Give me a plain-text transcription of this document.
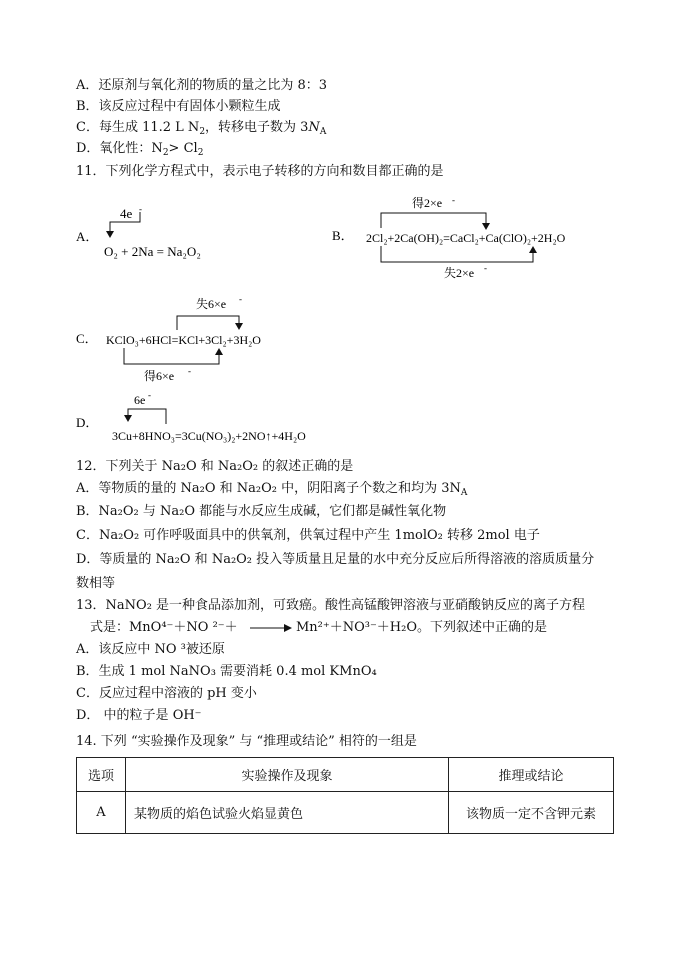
A．还原剂与氧化剂的物质的量之比为 8：3
B．该反应过程中有固体小颗粒生成
C．每生成 11.2 L $N_2$，转移电子数为 $3N_A$
D．氧化性：$N_2> Cl_2$
11．下列化学方程式中，表示电子转移的方向和数目都正确的是
A．
4e -
O₂ + 2Na = Na₂O₂
B．
得2×e -
2Cl₂+2Ca(OH)₂=CaCl₂+Ca(ClO)₂+2H₂O
失2×e -
C．
失6×e -
KClO₃+6HCl=KCl+3Cl₂+3H₂O
得6×e -
D．
6e -
3Cu+8HNO₃=3Cu(NO₃)₂+2NO↑+4H₂O
12．下列关于 Na₂O 和 Na₂O₂ 的叙述正确的是
A．等物质的量的 Na₂O 和 Na₂O₂ 中，阴阳离子个数之和均为 $3N_A$
B．Na₂O₂ 与 Na₂O 都能与水反应生成碱，它们都是碱性氧化物
C．Na₂O₂ 可作呼吸面具中的供氧剂，供氧过程中产生 1molO₂ 转移 2mol 电子
D．等质量的 Na₂O 和 Na₂O₂ 投入等质量且足量的水中充分反应后所得溶液的溶质质量分
数相等
13．NaNO₂ 是一种食品添加剂，可致癌。酸性高锰酸钾溶液与亚硝酸钠反应的离子方程
式是：MnO⁴⁻＋NO ²⁻＋	Mn²⁺＋NO³⁻＋H₂O。下列叙述中正确的是
A．该反应中 NO ³被还原
B．生成 1 mol NaNO₃ 需要消耗 0.4 mol KMnO₄
C．反应过程中溶液的 pH 变小
D． 中的粒子是 OH⁻
14. 下列 “实验操作及现象” 与 “推理或结论” 相符的一组是
选项	实验操作及现象	推理或结论
A	某物质的焰色试验火焰显黄色	该物质一定不含钾元素
